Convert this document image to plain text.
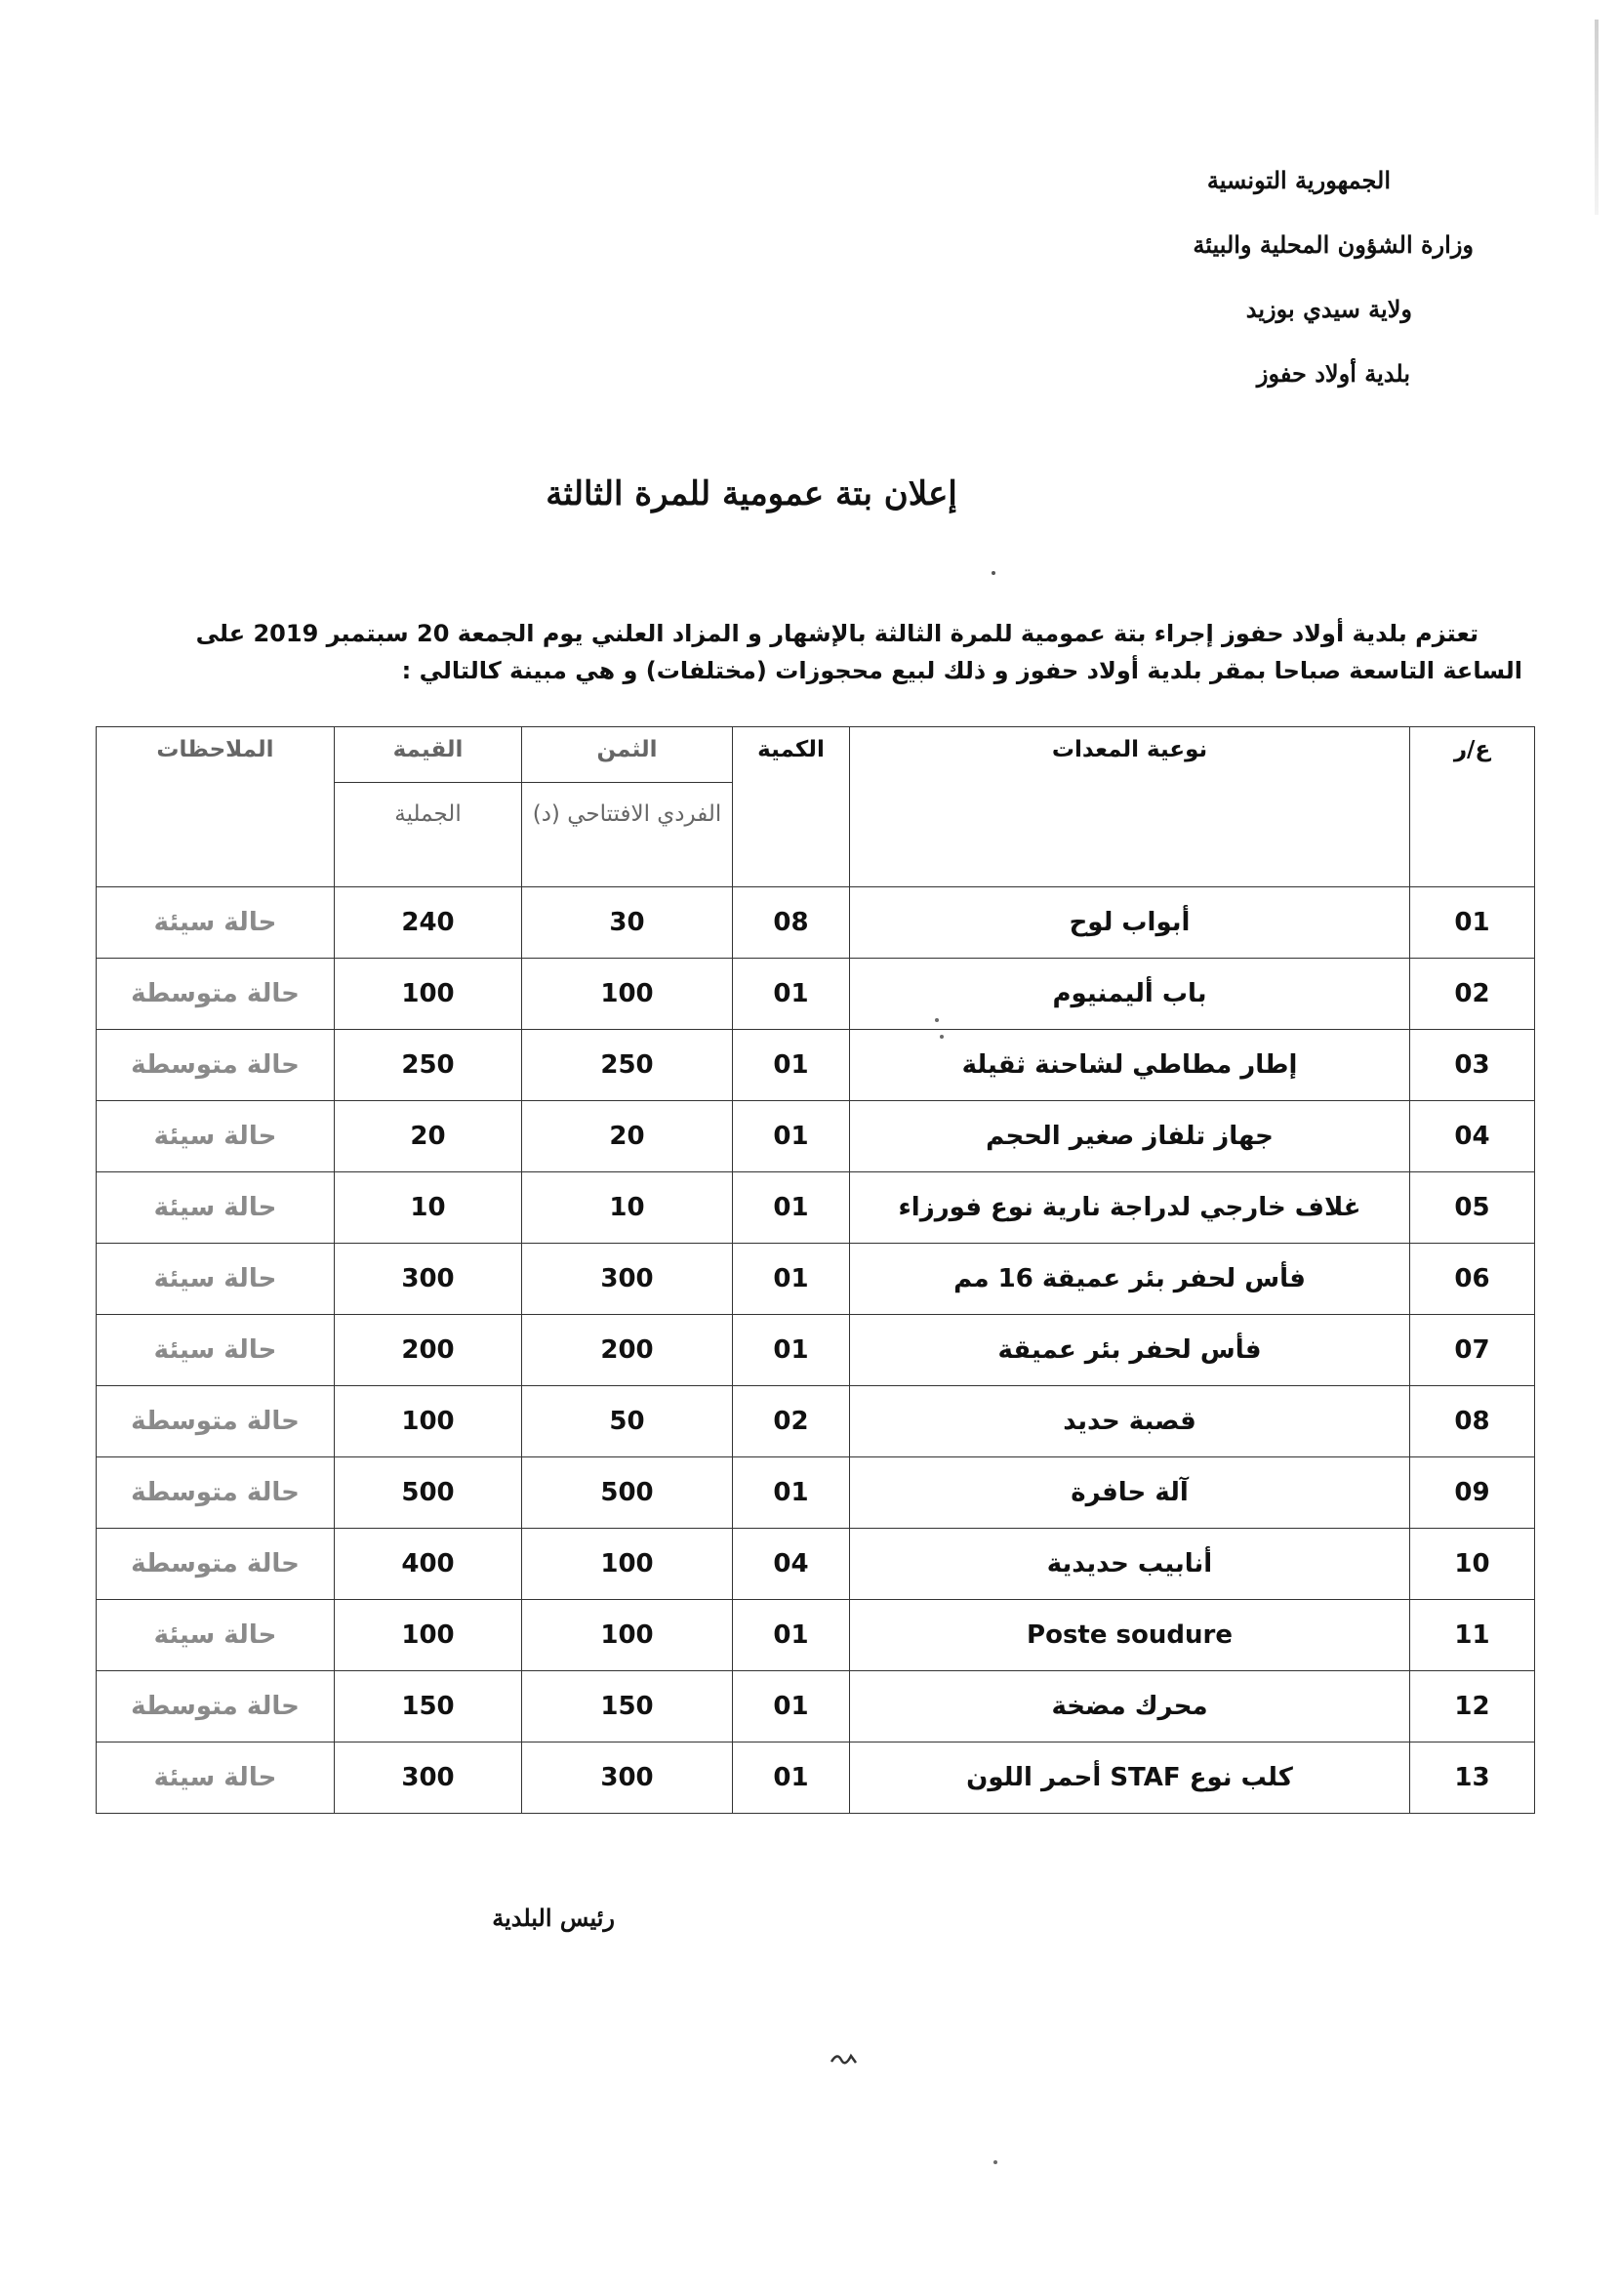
الجمهورية التونسية
وزارة الشؤون المحلية والبيئة
ولاية سيدي بوزيد
بلدية أولاد حفوز
إعلان بتة عمومية للمرة الثالثة

تعتزم بلدية أولاد حفوز إجراء بتة عمومية للمرة الثالثة بالإشهار و المزاد العلني يوم الجمعة 20 سبتمبر 2019 على

الساعة التاسعة صباحا بمقر بلدية أولاد حفوز و ذلك لبيع محجوزات (مختلفات) و هي مبينة كالتالي :

ع/ر	نوعية المعدات	الكمية	الثمن	القيمة	الملاحظات
			الفردي الافتتاحي (د)	الجملية	
01	أبواب لوح	08	30	240	حالة سيئة
02	باب أليمنيوم	01	100	100	حالة متوسطة
03	إطار مطاطي لشاحنة ثقيلة	01	250	250	حالة متوسطة
04	جهاز تلفاز صغير الحجم	01	20	20	حالة سيئة
05	غلاف خارجي لدراجة نارية نوع فورزاء	01	10	10	حالة سيئة
06	فأس لحفر بئر عميقة 16 مم	01	300	300	حالة سيئة
07	فأس لحفر بئر عميقة	01	200	200	حالة سيئة
08	قصبة حديد	02	50	100	حالة متوسطة
09	آلة حافرة	01	500	500	حالة متوسطة
10	أنابيب حديدية	04	100	400	حالة متوسطة
11	Poste soudure	01	100	100	حالة سيئة
12	محرك مضخة	01	150	150	حالة متوسطة
13	كلب نوع STAF أحمر اللون	01	300	300	حالة سيئة
رئيس البلدية
